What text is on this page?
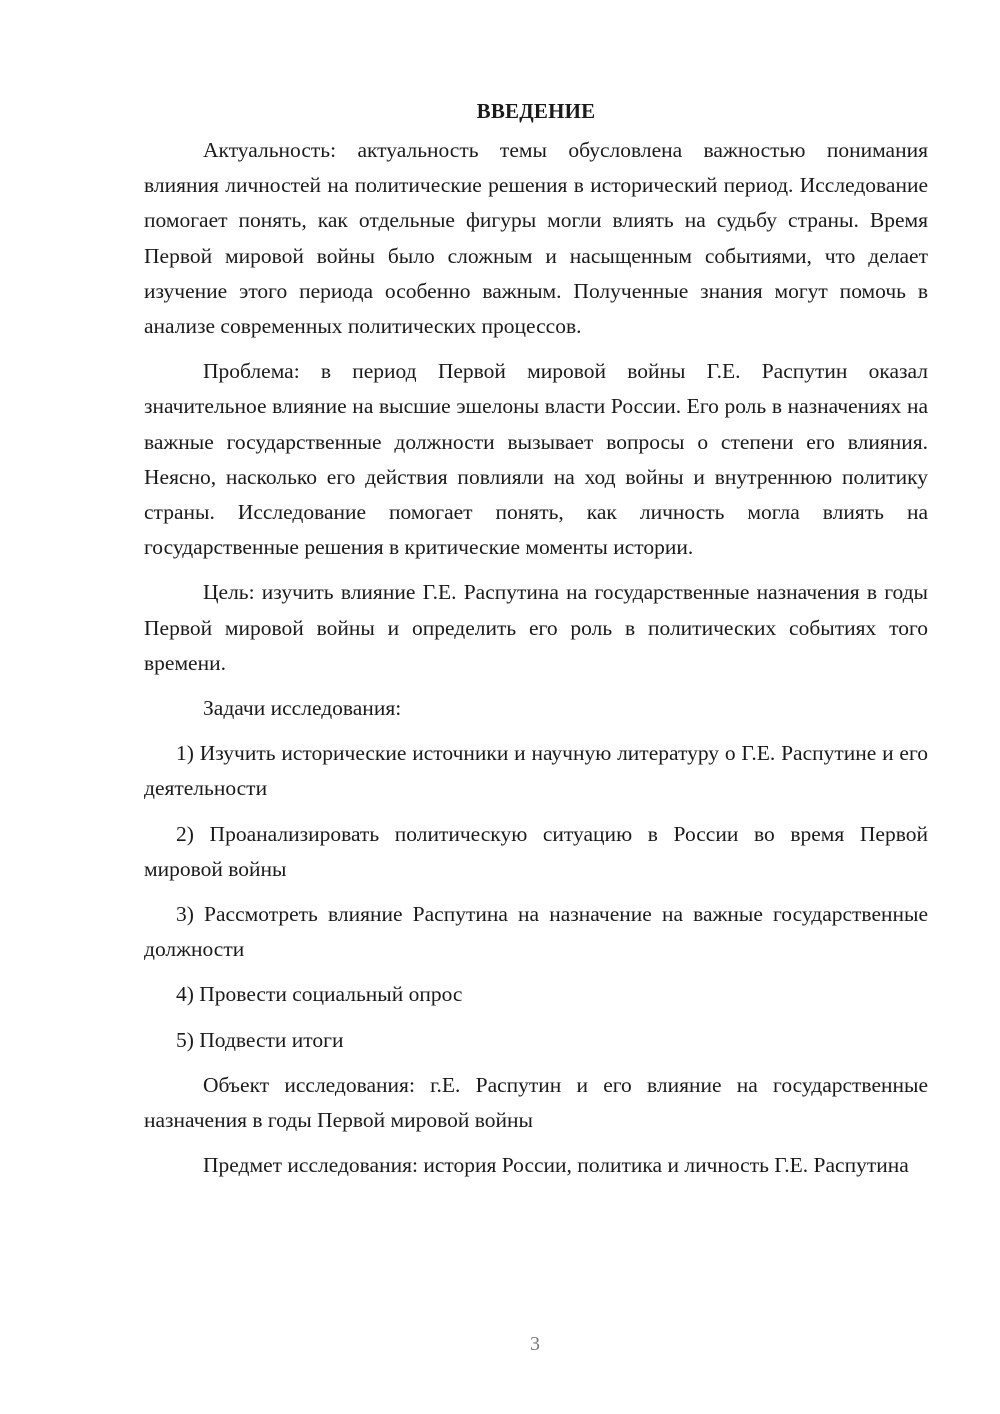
ВВЕДЕНИЕ

Актуальность: актуальность темы обусловлена важностью понимания влияния личностей на политические решения в исторический период. Исследование помогает понять, как отдельные фигуры могли влиять на судьбу страны. Время Первой мировой войны было сложным и насыщенным событиями, что делает изучение этого периода особенно важным. Полученные знания могут помочь в анализе современных политических процессов.

Проблема: в период Первой мировой войны Г.Е. Распутин оказал значительное влияние на высшие эшелоны власти России. Его роль в назначениях на важные государственные должности вызывает вопросы о степени его влияния. Неясно, насколько его действия повлияли на ход войны и внутреннюю политику страны. Исследование помогает понять, как личность могла влиять на государственные решения в критические моменты истории.

Цель: изучить влияние Г.Е. Распутина на государственные назначения в годы Первой мировой войны и определить его роль в политических событиях того времени.

Задачи исследования:

1) Изучить исторические источники и научную литературу о Г.Е. Распутине и его деятельности

2) Проанализировать политическую ситуацию в России во время Первой мировой войны

3) Рассмотреть влияние Распутина на назначение на важные государственные должности

4) Провести социальный опрос

5) Подвести итоги

Объект исследования: г.Е. Распутин и его влияние на государственные назначения в годы Первой мировой войны

Предмет исследования: история России, политика и личность Г.Е. Распутина

3
